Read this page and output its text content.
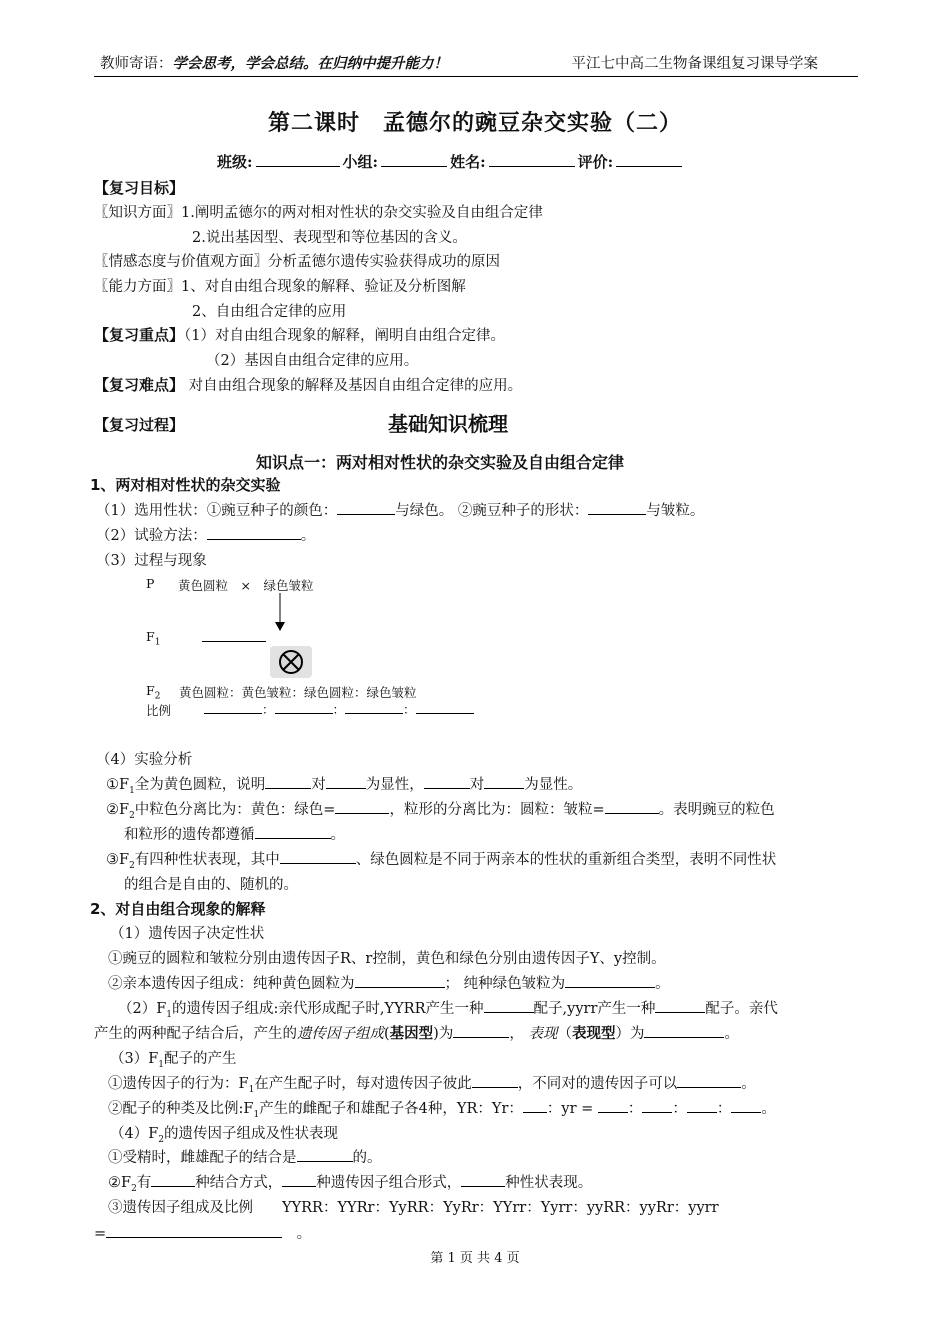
教师寄语：学会思考，学会总结。在归纳中提升能力！	平江七中高二生物备课组复习课导学案
第二课时　孟德尔的豌豆杂交实验（二）
班级:	小组:	姓名:	评价:
【复习目标】
〖知识方面〗1.阐明孟德尔的两对相对性状的杂交实验及自由组合定律
2.说出基因型、表现型和等位基因的含义。
〖情感态度与价值观方面〗分析孟德尔遗传实验获得成功的原因
〖能力方面〗1、对自由组合现象的解释、验证及分析图解
2、自由组合定律的应用
【复习重点】（1）对自由组合现象的解释，阐明自由组合定律。
（2）基因自由组合定律的应用。
【复习难点】 对自由组合现象的解释及基因自由组合定律的应用。
【复习过程】	基础知识梳理
知识点一：两对相对性状的杂交实验及自由组合定律
1、两对相对性状的杂交实验
（1）选用性状：①豌豆种子的颜色：	与绿色。 ②豌豆种子的形状：	与皱粒。
（2）试验方法：	。
（3）过程与现象
P 黄色圆粒　×　绿色皱粒
$F_1$
$F_2$ 黄色圆粒：黄色皱粒：绿色圆粒：绿色皱粒
比例	：	：	：
（4）实验分析
$①F_1$全为黄色圆粒，说明	对	为显性，	对	为显性。
$②F_2$中粒色分离比为：黄色：绿色=	，粒形的分离比为：圆粒：皱粒=	。表明豌豆的粒色
和粒形的遗传都遵循	。
$③F_2$有四种性状表现，其中	、绿色圆粒是不同于两亲本的性状的重新组合类型，表明不同性状
的组合是自由的、随机的。
2、对自由组合现象的解释
（1）遗传因子决定性状
①豌豆的圆粒和皱粒分别由遗传因子R、r控制，黄色和绿色分别由遗传因子Y、y控制。
②亲本遗传因子组成：纯种黄色圆粒为	； 纯种绿色皱粒为	。
$(2)F_1$的遗传因子组成:亲代形成配子时,YYRR产生一种	配子,yyrr产生一种	配子。亲代
产生的两种配子结合后，产生的遗传因子组成(基因型)为	， 表现（表现型）为	。
$(3)F_1$配子的产生
①遗传因子的行为：$F_1$在产生配子时，每对遗传因子彼此	，不同对的遗传因子可以	。
②配子的种类及比例$:F_1$产生的雌配子和雄配子各4种，YR：Yr： ：yr = ： ： ： 。
$(4)F_2$的遗传因子组成及性状表现
①受精时，雌雄配子的结合是	的。
$②F_2$有	种结合方式， 种遗传因子组合形式，	种性状表现。
③遗传因子组成及比例　　YYRR：YYRr：YyRR：YyRr：YYrr：Yyrr：yyRR：yyRr：yyrr
=　	。
第 1 页 共 4 页
